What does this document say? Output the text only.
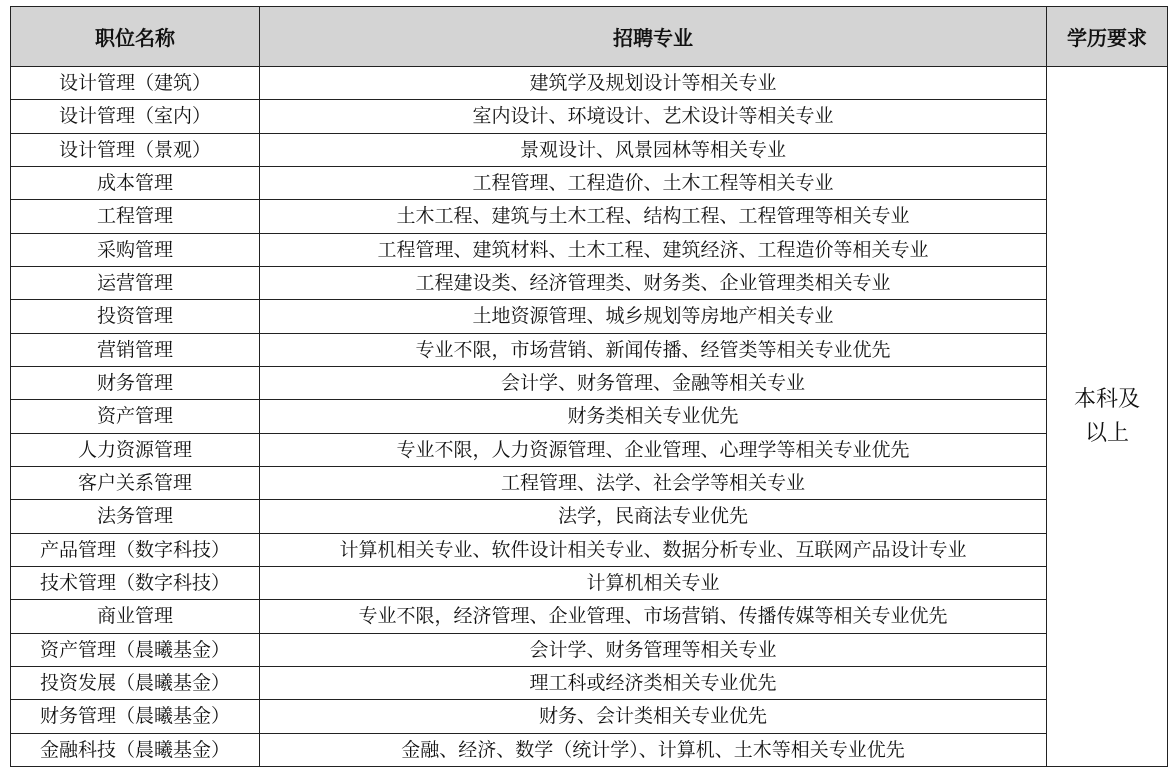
职位名称	招聘专业	学历要求
设计管理（建筑）	建筑学及规划设计等相关专业	本科及
以上

设计管理（室内）	室内设计、环境设计、艺术设计等相关专业	
设计管理（景观）	景观设计、风景园林等相关专业	
成本管理	工程管理、工程造价、土木工程等相关专业	
工程管理	土木工程、建筑与土木工程、结构工程、工程管理等相关专业	
采购管理	工程管理、建筑材料、土木工程、建筑经济、工程造价等相关专业	
运营管理	工程建设类、经济管理类、财务类、企业管理类相关专业	
投资管理	土地资源管理、城乡规划等房地产相关专业	
营销管理	专业不限，市场营销、新闻传播、经管类等相关专业优先	
财务管理	会计学、财务管理、金融等相关专业	
资产管理	财务类相关专业优先	
人力资源管理	专业不限，人力资源管理、企业管理、心理学等相关专业优先	
客户关系管理	工程管理、法学、社会学等相关专业	
法务管理	法学，民商法专业优先	
产品管理（数字科技）	计算机相关专业、软件设计相关专业、数据分析专业、互联网产品设计专业	
技术管理（数字科技）	计算机相关专业	
商业管理	专业不限，经济管理、企业管理、市场营销、传播传媒等相关专业优先	
资产管理（晨曦基金）	会计学、财务管理等相关专业	
投资发展（晨曦基金）	理工科或经济类相关专业优先	
财务管理（晨曦基金）	财务、会计类相关专业优先	
金融科技（晨曦基金）	金融、经济、数学（统计学）、计算机、土木等相关专业优先	
